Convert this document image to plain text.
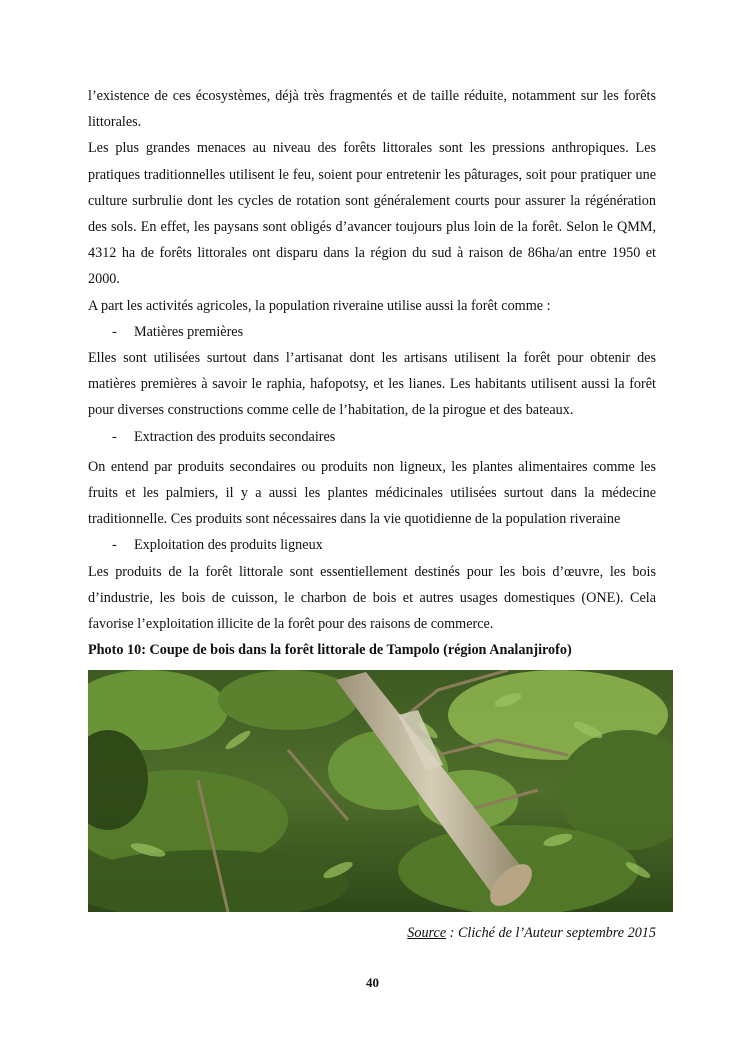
l’existence de ces écosystèmes, déjà très fragmentés et de taille réduite, notamment sur les forêts littorales.

Les plus grandes menaces au niveau des forêts littorales sont les pressions anthropiques. Les pratiques traditionnelles utilisent le feu, soient pour entretenir les pâturages, soit pour pratiquer une culture surbrulie dont les cycles de rotation sont généralement courts pour assurer la régénération des sols. En effet, les paysans sont obligés d’avancer toujours plus loin de la forêt. Selon le QMM, 4312 ha de forêts littorales ont disparu dans la région du sud à raison de 86ha/an entre 1950 et 2000.

A part les activités agricoles, la population riveraine utilise aussi la forêt comme :

- Matières premières

Elles sont utilisées surtout dans l’artisanat dont les artisans utilisent la forêt pour obtenir des matières premières à savoir le raphia, hafopotsy, et les lianes. Les habitants utilisent aussi la forêt pour diverses constructions comme celle de l’habitation, de la pirogue et des bateaux.

- Extraction des produits secondaires

On entend par produits secondaires ou produits non ligneux, les plantes alimentaires comme les fruits et les palmiers, il y a aussi les plantes médicinales utilisées surtout dans la médecine traditionnelle. Ces produits sont nécessaires dans la vie quotidienne de la population riveraine

- Exploitation des produits ligneux

Les produits de la forêt littorale sont essentiellement destinés pour les bois d’œuvre, les bois d’industrie, les bois de cuisson, le charbon de bois et autres usages domestiques (ONE). Cela favorise l’exploitation illicite de la forêt pour des raisons de commerce.

Photo 10: Coupe de bois dans la forêt littorale de Tampolo (région Analanjirofo)

Source : Cliché de l’Auteur septembre 2015
40
